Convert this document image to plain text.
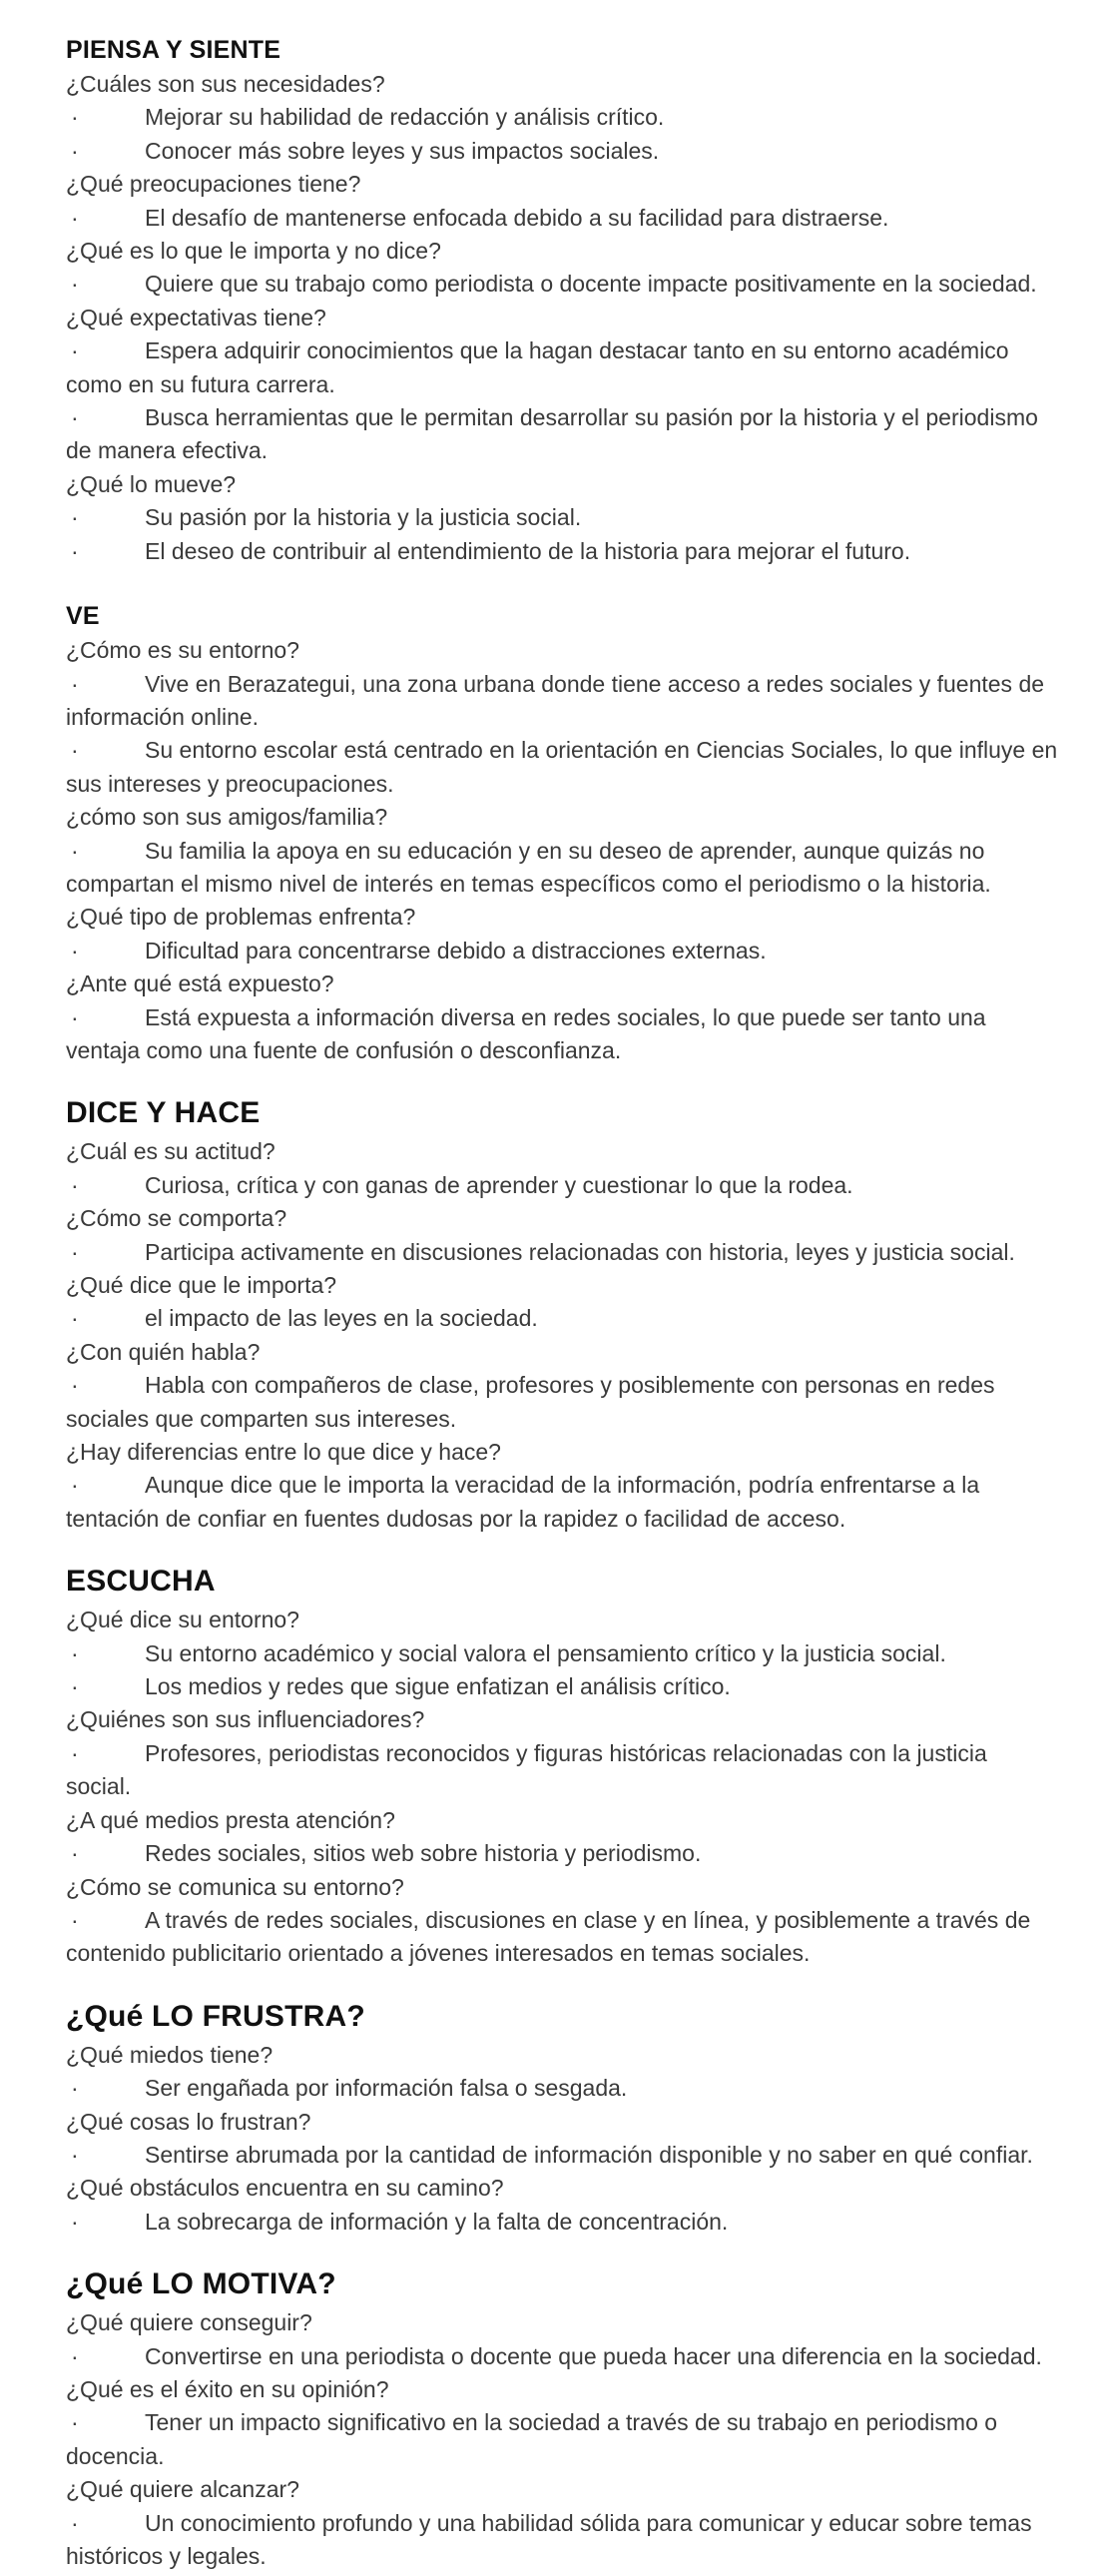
PIENSA Y SIENTE

¿Cuáles son sus necesidades?

·	Mejorar su habilidad de redacción y análisis crítico.

·	Conocer más sobre leyes y sus impactos sociales.

¿Qué preocupaciones tiene?

·	El desafío de mantenerse enfocada debido a su facilidad para distraerse.

¿Qué es lo que le importa y no dice?

·	Quiere que su trabajo como periodista o docente impacte positivamente en la sociedad.

¿Qué expectativas tiene?

·	Espera adquirir conocimientos que la hagan destacar tanto en su entorno académico como en su futura carrera.

·	Busca herramientas que le permitan desarrollar su pasión por la historia y el periodismo de manera efectiva.

¿Qué lo mueve?

·	Su pasión por la historia y la justicia social.

·	El deseo de contribuir al entendimiento de la historia para mejorar el futuro.

VE

¿Cómo es su entorno?

·	Vive en Berazategui, una zona urbana donde tiene acceso a redes sociales y fuentes de información online.

·	Su entorno escolar está centrado en la orientación en Ciencias Sociales, lo que influye en sus intereses y preocupaciones.

¿cómo son sus amigos/familia?

·	Su familia la apoya en su educación y en su deseo de aprender, aunque quizás no compartan el mismo nivel de interés en temas específicos como el periodismo o la historia.

¿Qué tipo de problemas enfrenta?

·	Dificultad para concentrarse debido a distracciones externas.

¿Ante qué está expuesto?

·	Está expuesta a información diversa en redes sociales, lo que puede ser tanto una ventaja como una fuente de confusión o desconfianza.

DICE Y HACE

¿Cuál es su actitud?

·	Curiosa, crítica y con ganas de aprender y cuestionar lo que la rodea.

¿Cómo se comporta?

·	Participa activamente en discusiones relacionadas con historia, leyes y justicia social.

¿Qué dice que le importa?

·	el impacto de las leyes en la sociedad.

¿Con quién habla?

·	Habla con compañeros de clase, profesores y posiblemente con personas en redes sociales que comparten sus intereses.

¿Hay diferencias entre lo que dice y hace?

·	Aunque dice que le importa la veracidad de la información, podría enfrentarse a la tentación de confiar en fuentes dudosas por la rapidez o facilidad de acceso.

ESCUCHA

¿Qué dice su entorno?

·	Su entorno académico y social valora el pensamiento crítico y la justicia social.

·	Los medios y redes que sigue enfatizan el análisis crítico.

¿Quiénes son sus influenciadores?

·	Profesores, periodistas reconocidos y figuras históricas relacionadas con la justicia social.

¿A qué medios presta atención?

·	Redes sociales, sitios web sobre historia y periodismo.

¿Cómo se comunica su entorno?

·	A través de redes sociales, discusiones en clase y en línea, y posiblemente a través de contenido publicitario orientado a jóvenes interesados en temas sociales.

¿Qué LO FRUSTRA?

¿Qué miedos tiene?

·	Ser engañada por información falsa o sesgada.

¿Qué cosas lo frustran?

·	Sentirse abrumada por la cantidad de información disponible y no saber en qué confiar.

¿Qué obstáculos encuentra en su camino?

·	La sobrecarga de información y la falta de concentración.

¿Qué LO MOTIVA?

¿Qué quiere conseguir?

·	Convertirse en una periodista o docente que pueda hacer una diferencia en la sociedad.

¿Qué es el éxito en su opinión?

·	Tener un impacto significativo en la sociedad a través de su trabajo en periodismo o docencia.

¿Qué quiere alcanzar?

·	Un conocimiento profundo y una habilidad sólida para comunicar y educar sobre temas históricos y legales.
